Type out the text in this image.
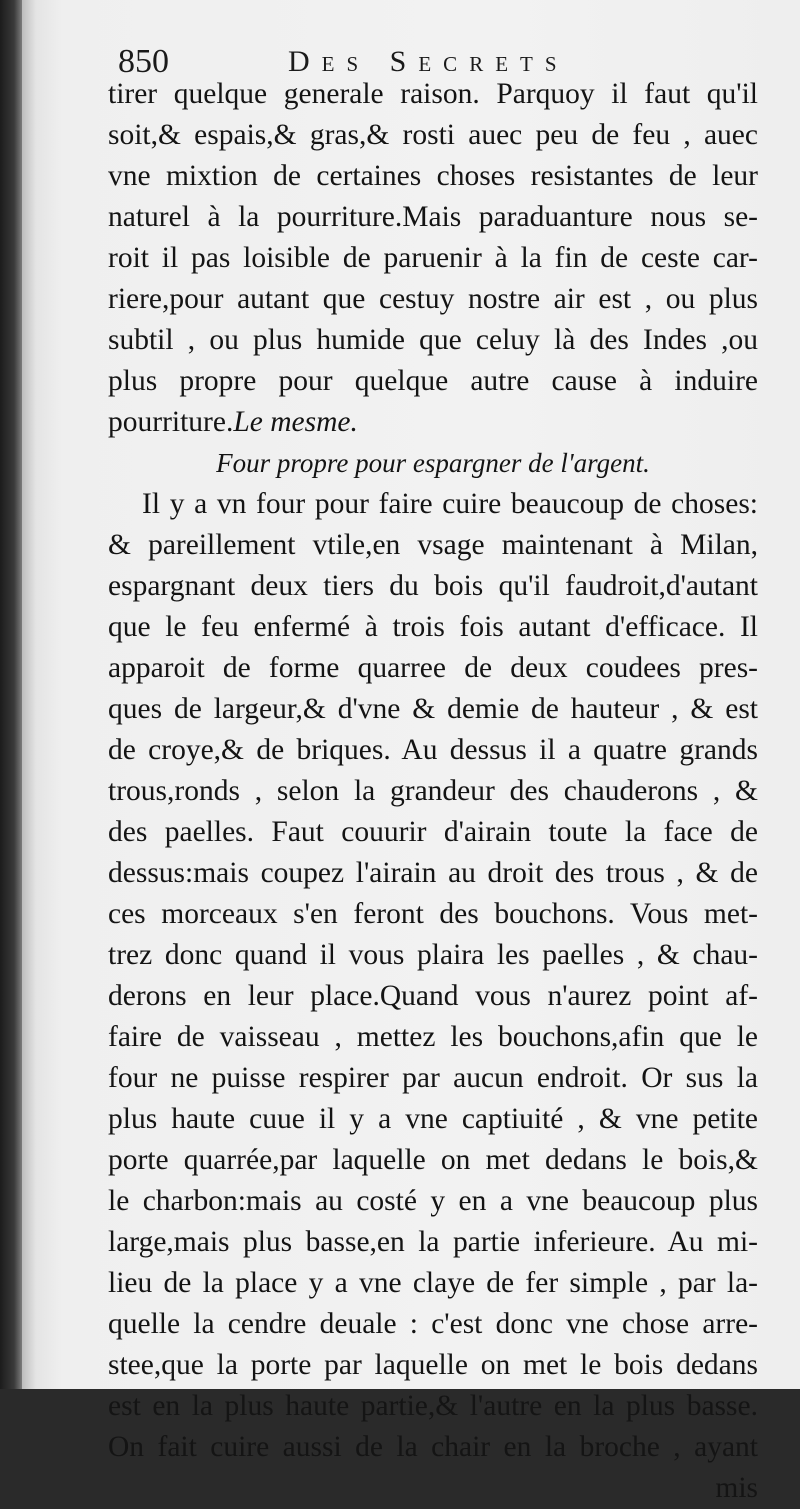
850	Des Secrets
tirer quelque generale raison. Parquoy il faut qu'il
soit,& espais,& gras,& rosti auec peu de feu , auec
vne mixtion de certaines choses resistantes de leur
naturel à la pourriture.Mais paraduanture nous se-
roit il pas loisible de paruenir à la fin de ceste car-
riere,pour autant que cestuy nostre air est , ou plus
subtil , ou plus humide que celuy là des Indes ,ou
plus propre pour quelque autre cause à induire
pourriture.Le mesme.
Four propre pour espargner de l'argent.
Il y a vn four pour faire cuire beaucoup de choses:
& pareillement vtile,en vsage maintenant à Milan,
espargnant deux tiers du bois qu'il faudroit,d'autant
que le feu enfermé à trois fois autant d'efficace. Il
apparoit de forme quarree de deux coudees pres-
ques de largeur,& d'vne & demie de hauteur , & est
de croye,& de briques. Au dessus il a quatre grands
trous,ronds , selon la grandeur des chauderons , &
des paelles. Faut couurir d'airain toute la face de
dessus:mais coupez l'airain au droit des trous , & de
ces morceaux s'en feront des bouchons. Vous met-
trez donc quand il vous plaira les paelles , & chau-
derons en leur place.Quand vous n'aurez point af-
faire de vaisseau , mettez les bouchons,afin que le
four ne puisse respirer par aucun endroit. Or sus la
plus haute cuue il y a vne captiuité , & vne petite
porte quarrée,par laquelle on met dedans le bois,&
le charbon:mais au costé y en a vne beaucoup plus
large,mais plus basse,en la partie inferieure. Au mi-
lieu de la place y a vne claye de fer simple , par la-
quelle la cendre deuale : c'est donc vne chose arre-
stee,que la porte par laquelle on met le bois dedans
est en la plus haute partie,& l'autre en la plus basse.
On fait cuire aussi de la chair en la broche , ayant
mis
